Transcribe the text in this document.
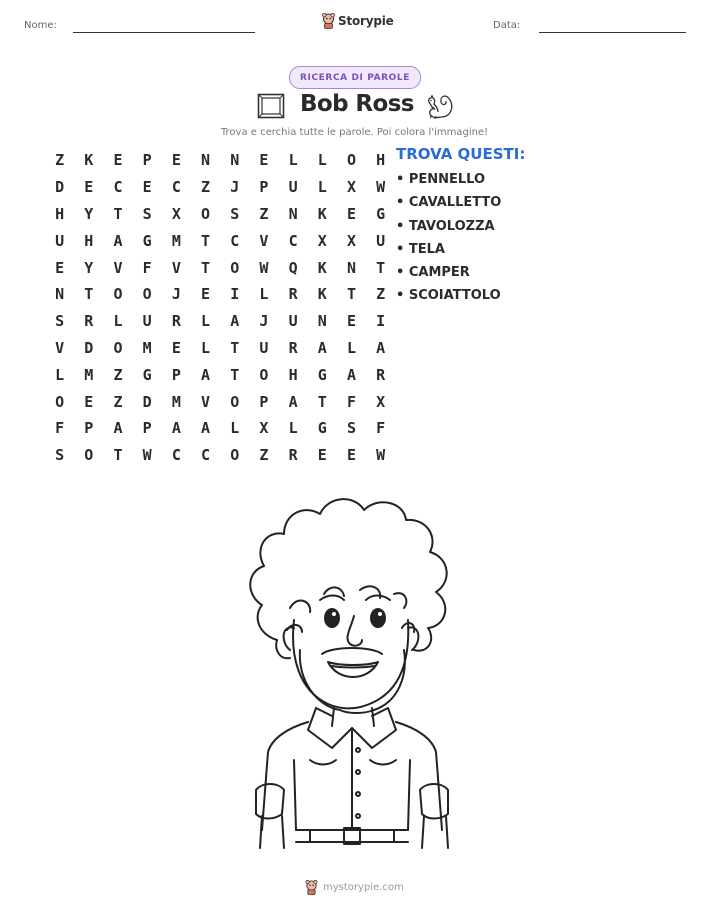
Nome:	Storypie	Data:
RICERCA DI PAROLE
Bob Ross
Trova e cerchia tutte le parole. Poi colora l'immagine!
Z	K	E	P	E	N	N	E	L	L	O	H
D	E	C	E	C	Z	J	P	U	L	X	W
H	Y	T	S	X	O	S	Z	N	K	E	G
U	H	A	G	M	T	C	V	C	X	X	U
E	Y	V	F	V	T	O	W	Q	K	N	T
N	T	O	O	J	E	I	L	R	K	T	Z
S	R	L	U	R	L	A	J	U	N	E	I
V	D	O	M	E	L	T	U	R	A	L	A
L	M	Z	G	P	A	T	O	H	G	A	R
O	E	Z	D	M	V	O	P	A	T	F	X
F	P	A	P	A	A	L	X	L	G	S	F
S	O	T	W	C	C	O	Z	R	E	E	W
TROVA QUESTI:
• PENNELLO
• CAVALLETTO
• TAVOLOZZA
• TELA
• CAMPER
• SCOIATTOLO
mystorypie.com
